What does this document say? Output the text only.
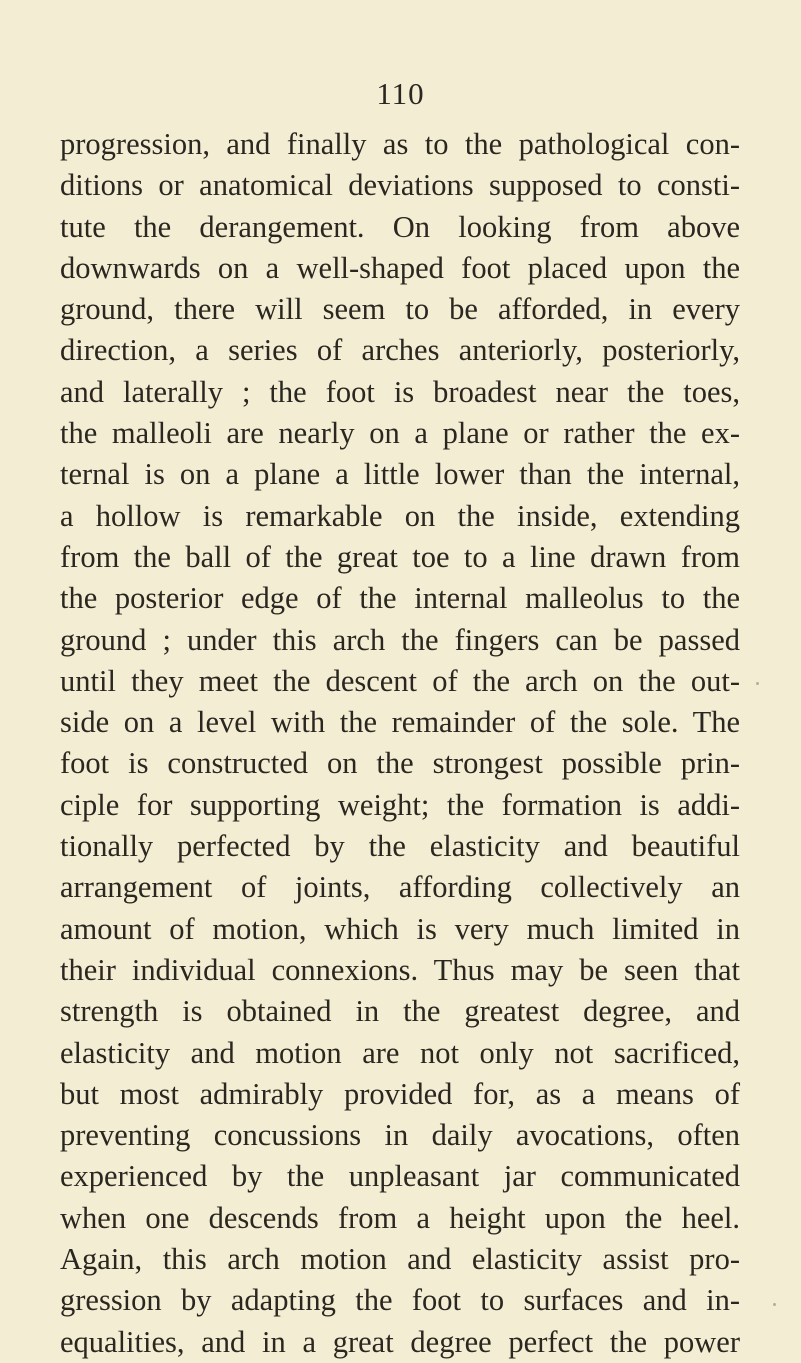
110
progression, and finally as to the pathological con-
ditions or anatomical deviations supposed to consti-
tute the derangement. On looking from above
downwards on a well-shaped foot placed upon the
ground, there will seem to be afforded, in every
direction, a series of arches anteriorly, posteriorly,
and laterally ; the foot is broadest near the toes,
the malleoli are nearly on a plane or rather the ex-
ternal is on a plane a little lower than the internal,
a hollow is remarkable on the inside, extending
from the ball of the great toe to a line drawn from
the posterior edge of the internal malleolus to the
ground ; under this arch the fingers can be passed
until they meet the descent of the arch on the out-
side on a level with the remainder of the sole. The
foot is constructed on the strongest possible prin-
ciple for supporting weight; the formation is addi-
tionally perfected by the elasticity and beautiful
arrangement of joints, affording collectively an
amount of motion, which is very much limited in
their individual connexions. Thus may be seen that
strength is obtained in the greatest degree, and
elasticity and motion are not only not sacrificed,
but most admirably provided for, as a means of
preventing concussions in daily avocations, often
experienced by the unpleasant jar communicated
when one descends from a height upon the heel.
Again, this arch motion and elasticity assist pro-
gression by adapting the foot to surfaces and in-
equalities, and in a great degree perfect the power
